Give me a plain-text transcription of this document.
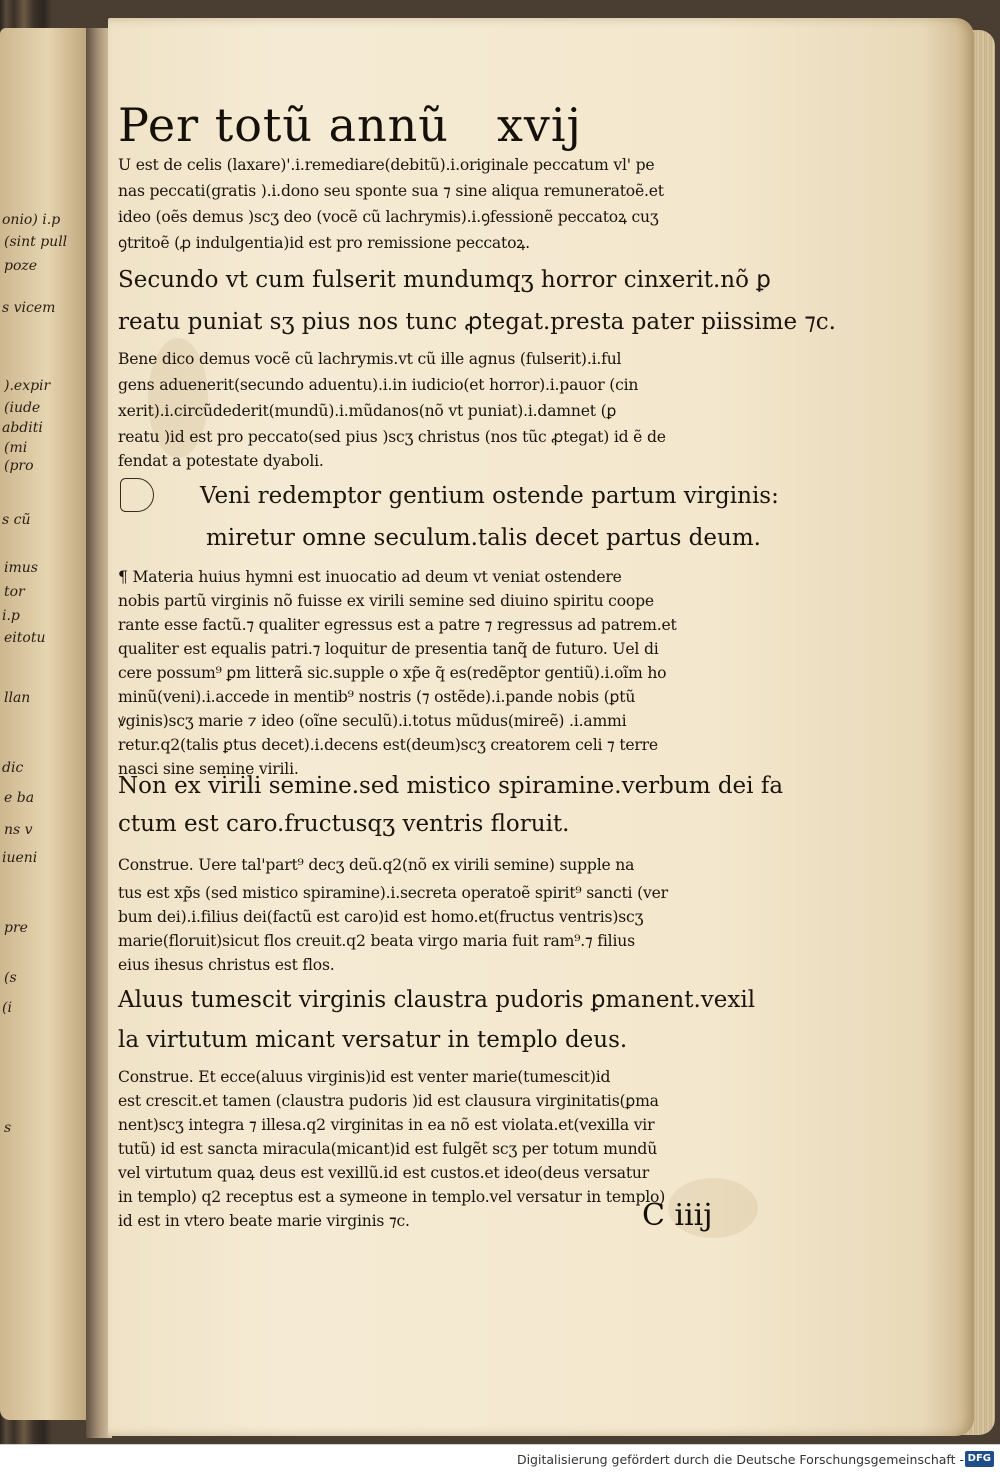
onio) i.p
(sint pull
poze
s vicem
).expir
(iude
abditi
(mi
(pro
s cũ
imus
tor
i.p
eitotu
llan
dic
e ba
ns v
iueni
pre
(s
(i
s
Per totũ annũ xvij
U est de celis (laxare)'.i.remediare(debitũ).i.originale peccatum vl' pe
nas peccati(gratis ).i.dono seu sponte sua ⁊ sine aliqua remuneratoẽ.et
ideo (oẽs demus )scʒ deo (vocẽ cũ lachrymis).i.ꝯfessionẽ peccatoꝝ cuʒ
ꝯtritoẽ (ꝓ indulgentia)id est pro remissione peccatoꝝ.
Secundo vt cum fulserit mundumqʒ horror cinxerit.nõ ꝑ
reatu puniat sʒ pius nos tunc ꝓtegat.presta pater piissime ⁊c.
Bene dico demus vocẽ cũ lachrymis.vt cũ ille agnus (fulserit).i.ful
gens aduenerit(secundo aduentu).i.in iudicio(et horror).i.pauor (cin
xerit).i.circũdederit(mundũ).i.mũdanos(nõ vt puniat).i.damnet (ꝑ
reatu )id est pro peccato(sed pius )scʒ christus (nos tũc ꝓtegat) id ẽ de
fendat a potestate dyaboli.
Veni redemptor gentium ostende partum virginis:
miretur omne seculum.talis decet partus deum.
¶ Materia huius hymni est inuocatio ad deum vt veniat ostendere
nobis partũ virginis nõ fuisse ex virili semine sed diuino spiritu coope
rante esse factũ.⁊ qualiter egressus est a patre ⁊ regressus ad patrem.et
qualiter est equalis patri.⁊ loquitur de presentia tanq̃ de futuro. Uel di
cere possum⁹ ꝑm litterã sic.supple o xp̃e q̃ es(redẽptor gentiũ).i.oĩm ho
minũ(veni).i.accede in mentib⁹ nostris (⁊ ostẽde).i.pande nobis (ꝑtũ
ꝟginis)scʒ marie ⁊ ideo (oĩne seculũ).i.totus mũdus(mireẽ) .i.ammi
retur.q2(talis ꝑtus decet).i.decens est(deum)scʒ creatorem celi ⁊ terre
nasci sine semine virili.
Non ex virili semine.sed mistico spiramine.verbum dei fa
ctum est caro.fructusqʒ ventris floruit.
Construe. Uere tal'part⁹ decʒ deũ.q2(nõ ex virili semine) supple na
tus est xp̃s (sed mistico spiramine).i.secreta operatoẽ spirit⁹ sancti (ver
bum dei).i.filius dei(factũ est caro)id est homo.et(fructus ventris)scʒ
marie(floruit)sicut flos creuit.q2 beata virgo maria fuit ram⁹.⁊ filius
eius ihesus christus est flos.
Aluus tumescit virginis claustra pudoris ꝑmanent.vexil
la virtutum micant versatur in templo deus.
Construe. Et ecce(aluus virginis)id est venter marie(tumescit)id
est crescit.et tamen (claustra pudoris )id est clausura virginitatis(ꝑma
nent)scʒ integra ⁊ illesa.q2 virginitas in ea nõ est violata.et(vexilla vir
tutũ) id est sancta miracula(micant)id est fulgẽt scʒ per totum mundũ
vel virtutum quaꝝ deus est vexillũ.id est custos.et ideo(deus versatur
in templo) q2 receptus est a symeone in templo.vel versatur in templo)
id est in vtero beate marie virginis ⁊c.	C iiij
Digitalisierung gefördert durch die Deutsche Forschungsgemeinschaft - DFG
